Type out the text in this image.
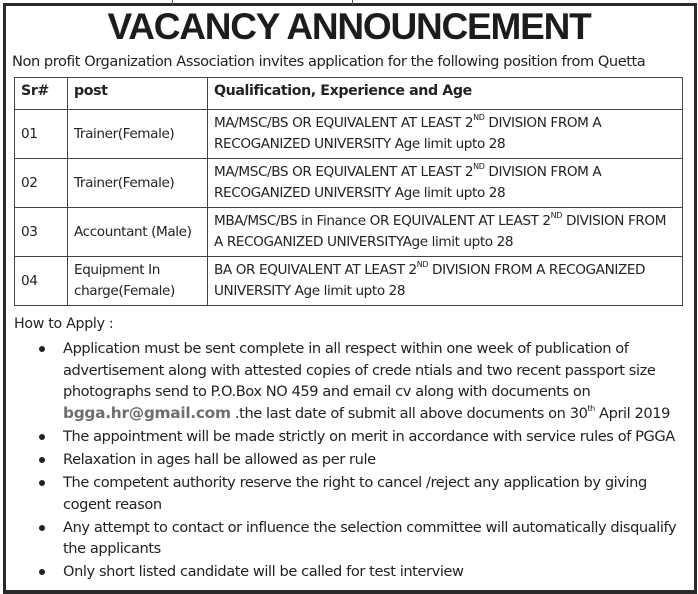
VACANCY ANNOUNCEMENT
Non profit Organization Association invites application for the following position from Quetta
Sr#	post	Qualification, Experience and Age
01	Trainer(Female)	MA/MSC/BS OR EQUIVALENT AT LEAST 2ND DIVISION FROM A RECOGANIZED UNIVERSITY Age limit upto 28
02	Trainer(Female)	MA/MSC/BS OR EQUIVALENT AT LEAST 2ND DIVISION FROM A RECOGANIZED UNIVERSITY Age limit upto 28
03	Accountant (Male)	MBA/MSC/BS in Finance OR EQUIVALENT AT LEAST 2ND DIVISION FROM A RECOGANIZED UNIVERSITYAge limit upto 28
04	Equipment In charge(Female)	BA OR EQUIVALENT AT LEAST 2ND DIVISION FROM A RECOGANIZED UNIVERSITY Age limit upto 28
How to Apply :
Application must be sent complete in all respect within one week of publication of advertisement along with attested copies of crede ntials and two recent passport size photographs send to P.O.Box NO 459 and email cv along with documents on bgga.hr@gmail.com .the last date of submit all above documents on 30th April 2019
The appointment will be made strictly on merit in accordance with service rules of PGGA
Relaxation in ages hall be allowed as per rule
The competent authority reserve the right to cancel /reject any application by giving cogent reason
Any attempt to contact or influence the selection committee will automatically disqualify the applicants
Only short listed candidate will be called for test interview
